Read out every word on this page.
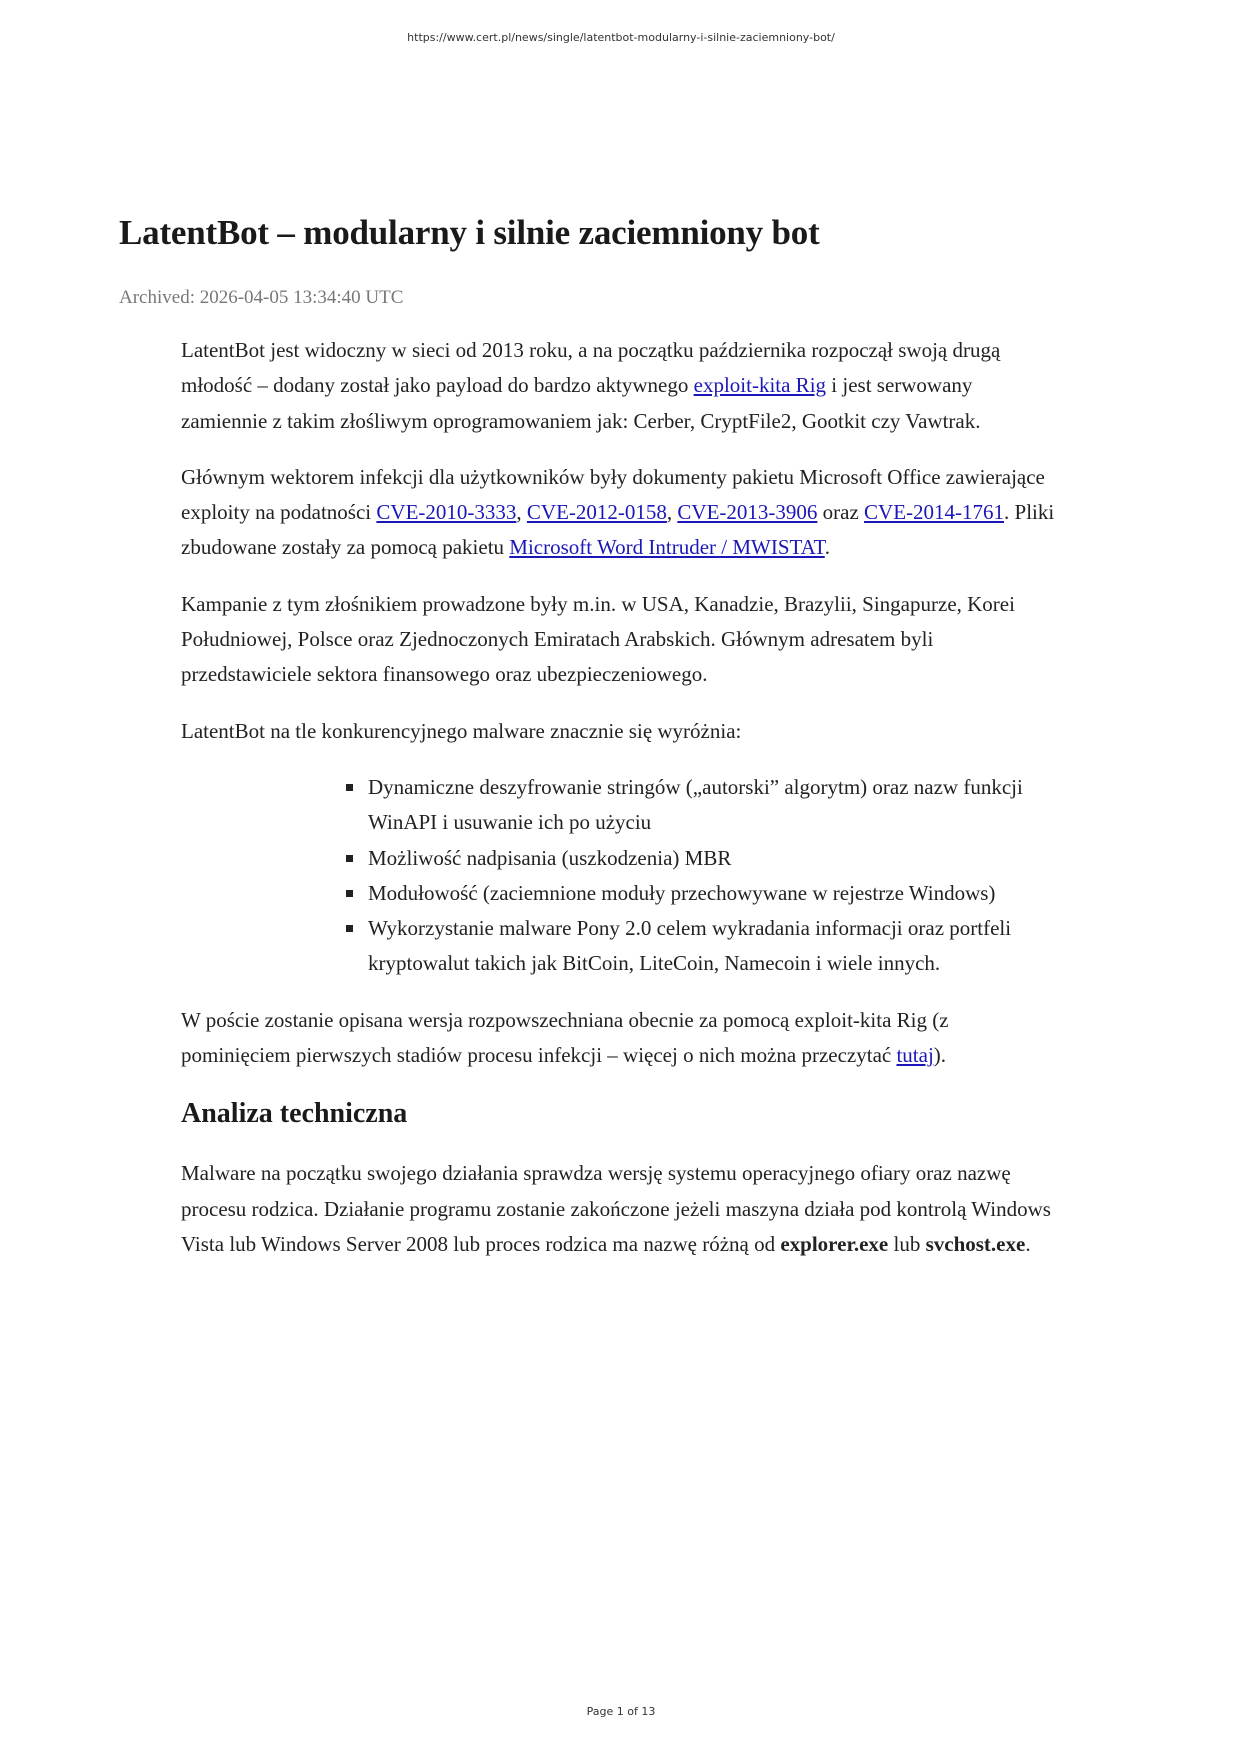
https://www.cert.pl/news/single/latentbot-modularny-i-silnie-zaciemniony-bot/
LatentBot – modularny i silnie zaciemniony bot
Archived: 2026-04-05 13:34:40 UTC

LatentBot jest widoczny w sieci od 2013 roku, a na początku października rozpoczął swoją drugą młodość – dodany został jako payload do bardzo aktywnego exploit-kita Rig i jest serwowany zamiennie z takim złośliwym oprogramowaniem jak: Cerber, CryptFile2, Gootkit czy Vawtrak.

Głównym wektorem infekcji dla użytkowników były dokumenty pakietu Microsoft Office zawierające exploity na podatności CVE-2010-3333, CVE-2012-0158, CVE-2013-3906 oraz CVE-2014-1761. Pliki zbudowane zostały za pomocą pakietu Microsoft Word Intruder / MWISTAT.

Kampanie z tym złośnikiem prowadzone były m.in. w USA, Kanadzie, Brazylii, Singapurze, Korei Południowej, Polsce oraz Zjednoczonych Emiratach Arabskich. Głównym adresatem byli przedstawiciele sektora finansowego oraz ubezpieczeniowego.

LatentBot na tle konkurencyjnego malware znacznie się wyróżnia:

Dynamiczne deszyfrowanie stringów („autorski” algorytm) oraz nazw funkcji WinAPI i usuwanie ich po użyciu
Możliwość nadpisania (uszkodzenia) MBR
Modułowość (zaciemnione moduły przechowywane w rejestrze Windows)
Wykorzystanie malware Pony 2.0 celem wykradania informacji oraz portfeli kryptowalut takich jak BitCoin, LiteCoin, Namecoin i wiele innych.

W poście zostanie opisana wersja rozpowszechniana obecnie za pomocą exploit-kita Rig (z pominięciem pierwszych stadiów procesu infekcji – więcej o nich można przeczytać tutaj).

Analiza techniczna

Malware na początku swojego działania sprawdza wersję systemu operacyjnego ofiary oraz nazwę procesu rodzica. Działanie programu zostanie zakończone jeżeli maszyna działa pod kontrolą Windows Vista lub Windows Server 2008 lub proces rodzica ma nazwę różną od explorer.exe lub svchost.exe.

Page 1 of 13
